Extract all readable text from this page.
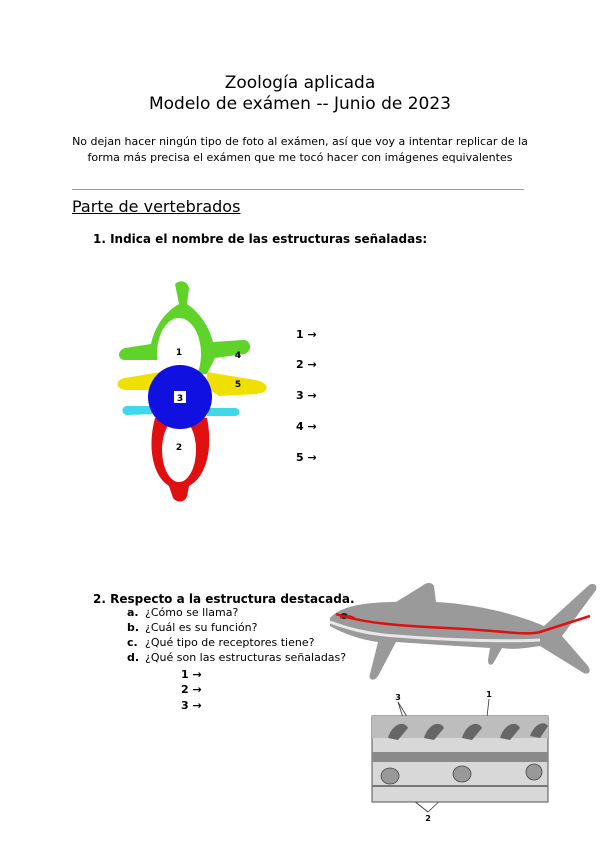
Zoología aplicada
Modelo de exámen -- Junio de 2023
No dejan hacer ningún tipo de foto al exámen, así que voy a intentar replicar de la forma más precisa el exámen que me tocó hacer con imágenes equivalentes
Parte de vertebrados
1. Indica el nombre de las estructuras señaladas:
3
1
2
4
5
1 →
2 →
3 →
4 →
5 →
2. Respecto a la estructura destacada.
a. ¿Cómo se llama?
b. ¿Cuál es su función?
c. ¿Qué tipo de receptores tiene?
d. ¿Qué son las estructuras señaladas?
1 →
2 →
3 →
3	1
2
